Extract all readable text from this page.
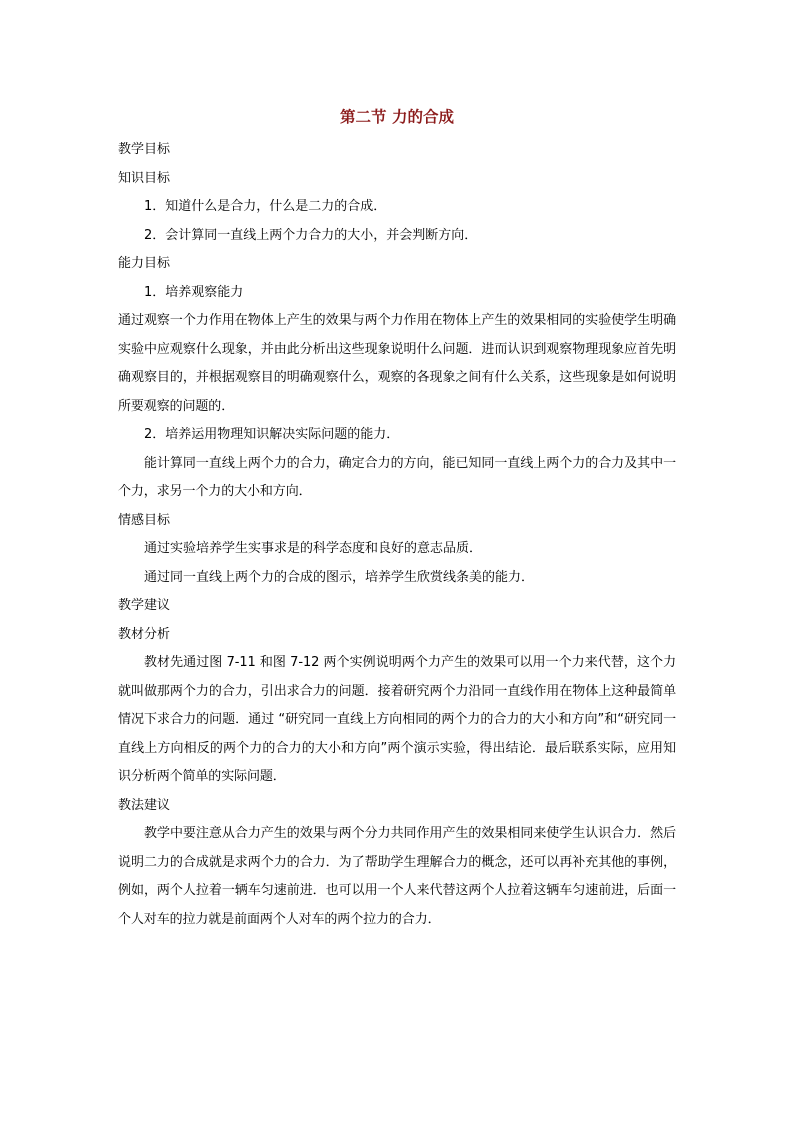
第二节 力的合成

教学目标

知识目标

1．知道什么是合力，什么是二力的合成．

2．会计算同一直线上两个力合力的大小，并会判断方向．

能力目标

1．培养观察能力

通过观察一个力作用在物体上产生的效果与两个力作用在物体上产生的效果相同的实验使学生明确实验中应观察什么现象，并由此分析出这些现象说明什么问题．进而认识到观察物理现象应首先明确观察目的，并根据观察目的明确观察什么，观察的各现象之间有什么关系，这些现象是如何说明所要观察的问题的．

2．培养运用物理知识解决实际问题的能力．

能计算同一直线上两个力的合力，确定合力的方向，能已知同一直线上两个力的合力及其中一个力，求另一个力的大小和方向．

情感目标

通过实验培养学生实事求是的科学态度和良好的意志品质．

通过同一直线上两个力的合成的图示，培养学生欣赏线条美的能力．

教学建议

教材分析

教材先通过图 7-11 和图 7-12 两个实例说明两个力产生的效果可以用一个力来代替，这个力就叫做那两个力的合力，引出求合力的问题．接着研究两个力沿同一直线作用在物体上这种最简单情况下求合力的问题．通过 “研究同一直线上方向相同的两个力的合力的大小和方向”和“研究同一直线上方向相反的两个力的合力的大小和方向”两个演示实验，得出结论．最后联系实际，应用知识分析两个简单的实际问题．

教法建议

教学中要注意从合力产生的效果与两个分力共同作用产生的效果相同来使学生认识合力．然后说明二力的合成就是求两个力的合力．为了帮助学生理解合力的概念，还可以再补充其他的事例，例如，两个人拉着一辆车匀速前进．也可以用一个人来代替这两个人拉着这辆车匀速前进，后面一个人对车的拉力就是前面两个人对车的两个拉力的合力．
